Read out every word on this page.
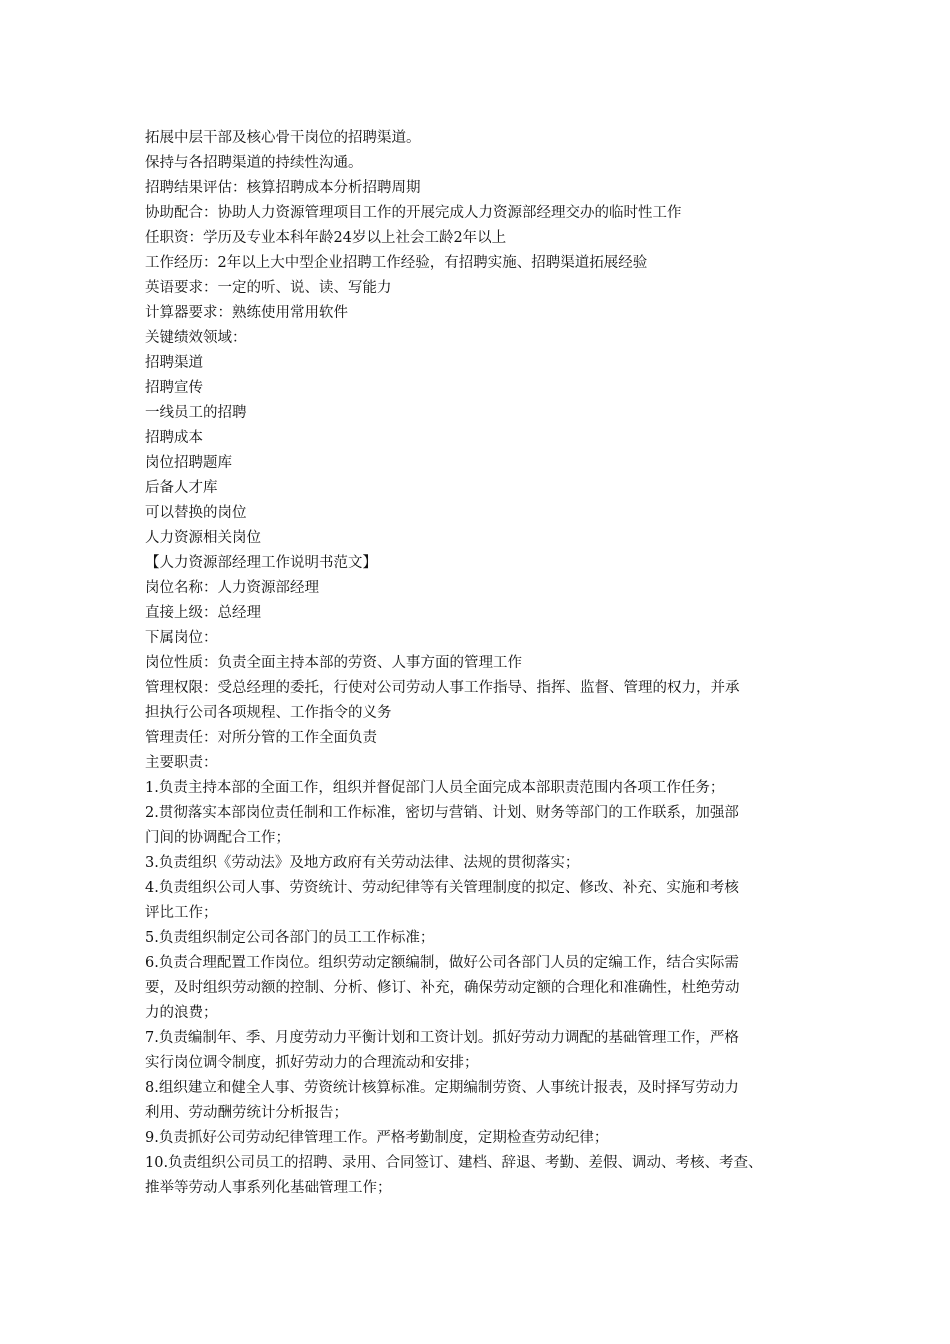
拓展中层干部及核心骨干岗位的招聘渠道。
保持与各招聘渠道的持续性沟通。
招聘结果评估：核算招聘成本分析招聘周期
协助配合：协助人力资源管理项目工作的开展完成人力资源部经理交办的临时性工作
任职资：学历及专业本科年龄24岁以上社会工龄2年以上
工作经历：2年以上大中型企业招聘工作经验，有招聘实施、招聘渠道拓展经验
英语要求：一定的听、说、读、写能力
计算器要求：熟练使用常用软件
关键绩效领域：
招聘渠道
招聘宣传
一线员工的招聘
招聘成本
岗位招聘题库
后备人才库
可以替换的岗位
人力资源相关岗位
【人力资源部经理工作说明书范文】
岗位名称：人力资源部经理
直接上级：总经理
下属岗位：
岗位性质：负责全面主持本部的劳资、人事方面的管理工作
管理权限：受总经理的委托，行使对公司劳动人事工作指导、指挥、监督、管理的权力，并承
担执行公司各项规程、工作指令的义务
管理责任：对所分管的工作全面负责
主要职责：
1.负责主持本部的全面工作，组织并督促部门人员全面完成本部职责范围内各项工作任务；
2.贯彻落实本部岗位责任制和工作标准，密切与营销、计划、财务等部门的工作联系，加强部
门间的协调配合工作；
3.负责组织《劳动法》及地方政府有关劳动法律、法规的贯彻落实；
4.负责组织公司人事、劳资统计、劳动纪律等有关管理制度的拟定、修改、补充、实施和考核
评比工作；
5.负责组织制定公司各部门的员工工作标准；
6.负责合理配置工作岗位。组织劳动定额编制，做好公司各部门人员的定编工作，结合实际需
要，及时组织劳动额的控制、分析、修订、补充，确保劳动定额的合理化和准确性，杜绝劳动
力的浪费；
7.负责编制年、季、月度劳动力平衡计划和工资计划。抓好劳动力调配的基础管理工作，严格
实行岗位调令制度，抓好劳动力的合理流动和安排；
8.组织建立和健全人事、劳资统计核算标准。定期编制劳资、人事统计报表，及时择写劳动力
利用、劳动酬劳统计分析报告；
9.负责抓好公司劳动纪律管理工作。严格考勤制度，定期检查劳动纪律；
10.负责组织公司员工的招聘、录用、合同签订、建档、辞退、考勤、差假、调动、考核、考查、
推举等劳动人事系列化基础管理工作；
